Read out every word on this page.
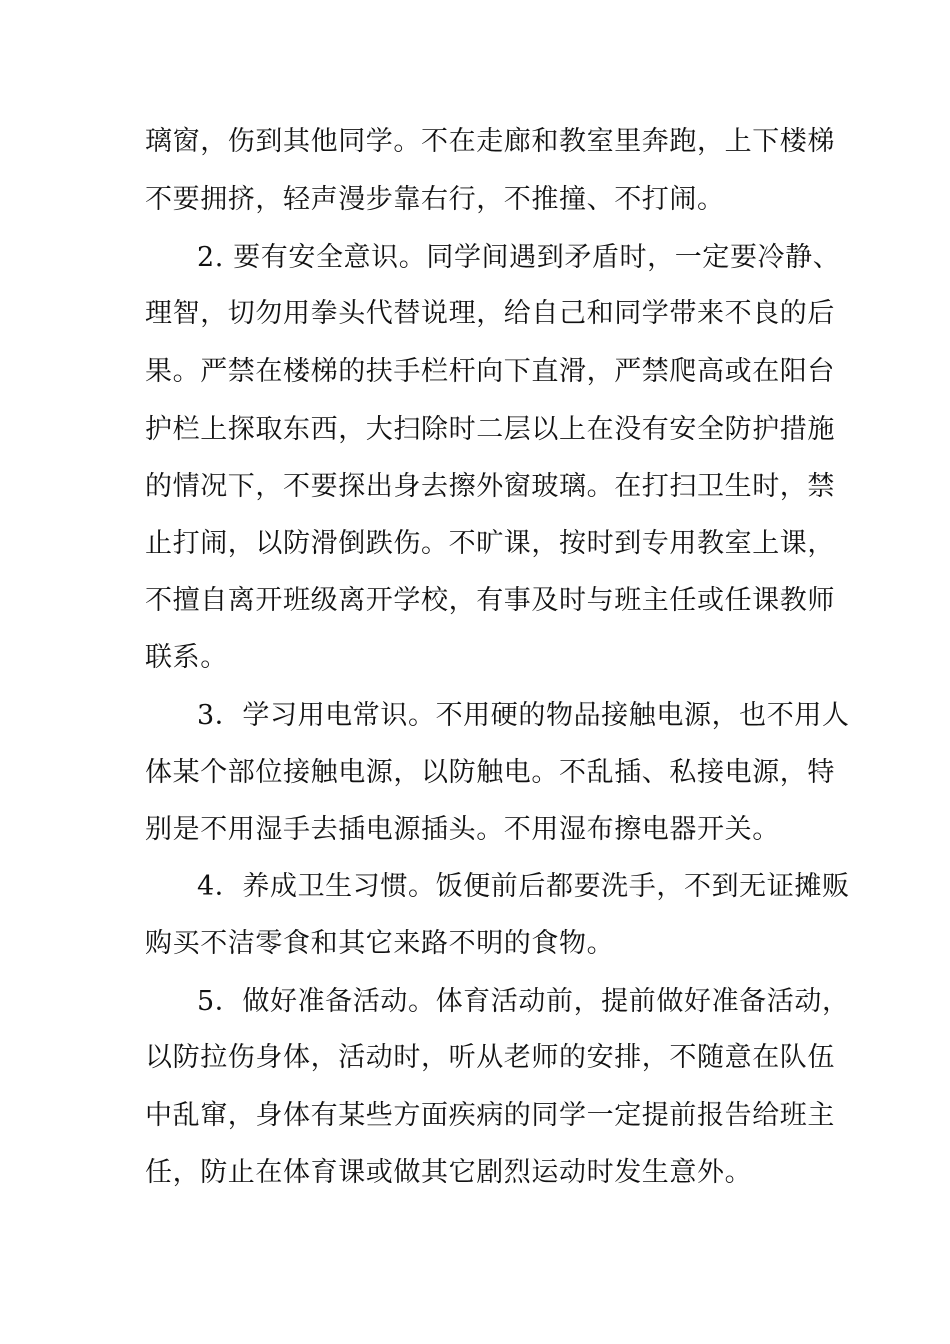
璃窗，伤到其他同学。不在走廊和教室里奔跑，上下楼梯
不要拥挤，轻声漫步靠右行，不推撞、不打闹。
2. 要有安全意识。同学间遇到矛盾时，一定要冷静、
理智，切勿用拳头代替说理，给自己和同学带来不良的后
果。严禁在楼梯的扶手栏杆向下直滑，严禁爬高或在阳台
护栏上探取东西，大扫除时二层以上在没有安全防护措施
的情况下，不要探出身去擦外窗玻璃。在打扫卫生时，禁
止打闹，以防滑倒跌伤。不旷课，按时到专用教室上课，
不擅自离开班级离开学校，有事及时与班主任或任课教师
联系。
3．学习用电常识。不用硬的物品接触电源，也不用人
体某个部位接触电源，以防触电。不乱插、私接电源，特
别是不用湿手去插电源插头。不用湿布擦电器开关。
4．养成卫生习惯。饭便前后都要洗手，不到无证摊贩
购买不洁零食和其它来路不明的食物。
5．做好准备活动。体育活动前，提前做好准备活动，
以防拉伤身体，活动时，听从老师的安排，不随意在队伍
中乱窜，身体有某些方面疾病的同学一定提前报告给班主
任，防止在体育课或做其它剧烈运动时发生意外。
